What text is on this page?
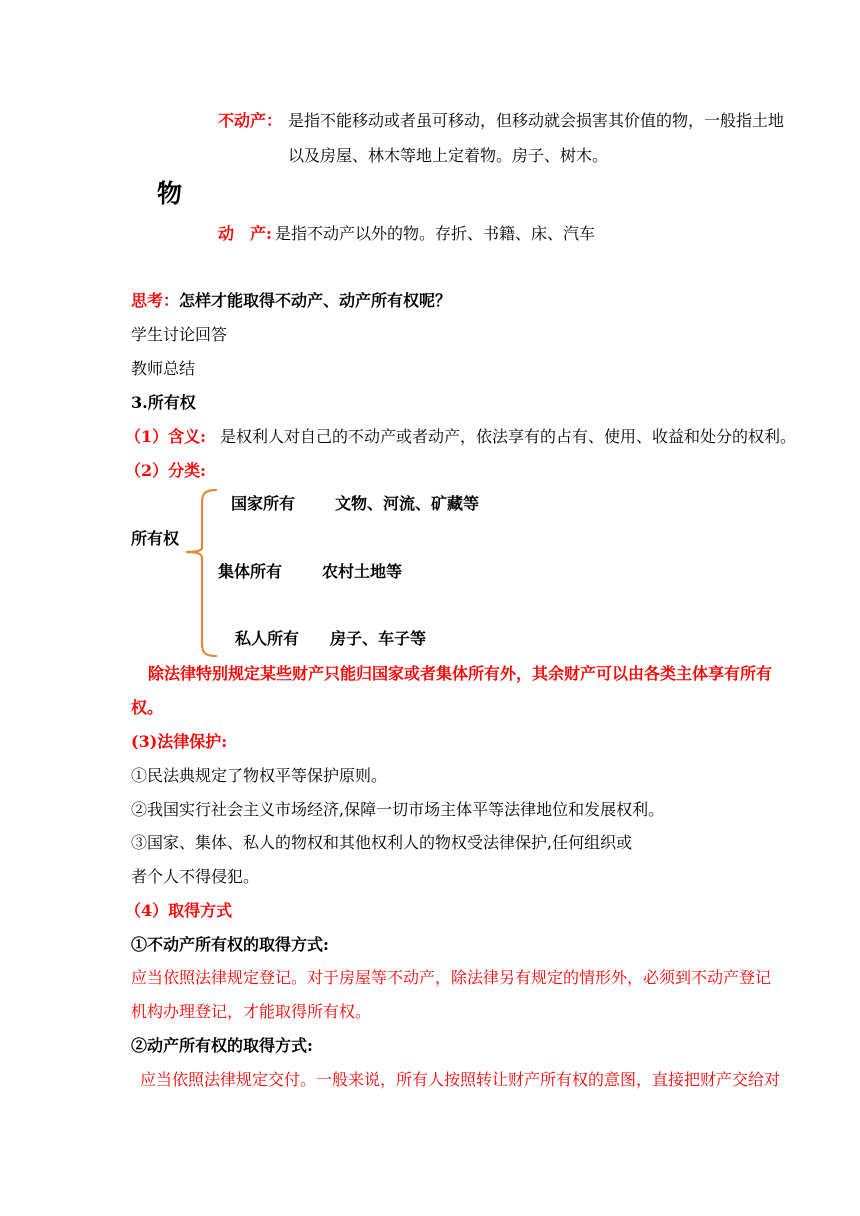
不动产： 是指不能移动或者虽可移动，但移动就会损害其价值的物，一般指土地
以及房屋、林木等地上定着物。房子、树木。
物
动　产: 是指不动产以外的物。存折、书籍、床、汽车
思考：怎样才能取得不动产、动产所有权呢？
学生讨论回答
教师总结
3.所有权
（1）含义: 是权利人对自己的不动产或者动产，依法享有的占有、使用、收益和处分的权利。
（2）分类:
所有权
国家所有 文物、河流、矿藏等
集体所有 农村土地等
私人所有 房子、车子等
除法律特别规定某些财产只能归国家或者集体所有外，其余财产可以由各类主体享有所有
权。
(3)法律保护:
①民法典规定了物权平等保护原则。
②我国实行社会主义市场经济,保障一切市场主体平等法律地位和发展权利。
③国家、集体、私人的物权和其他权利人的物权受法律保护,任何组织或
者个人不得侵犯。
（4）取得方式
①不动产所有权的取得方式:
应当依照法律规定登记。对于房屋等不动产，除法律另有规定的情形外，必须到不动产登记
机构办理登记，才能取得所有权。
②动产所有权的取得方式:
应当依照法律规定交付。一般来说，所有人按照转让财产所有权的意图，直接把财产交给对
